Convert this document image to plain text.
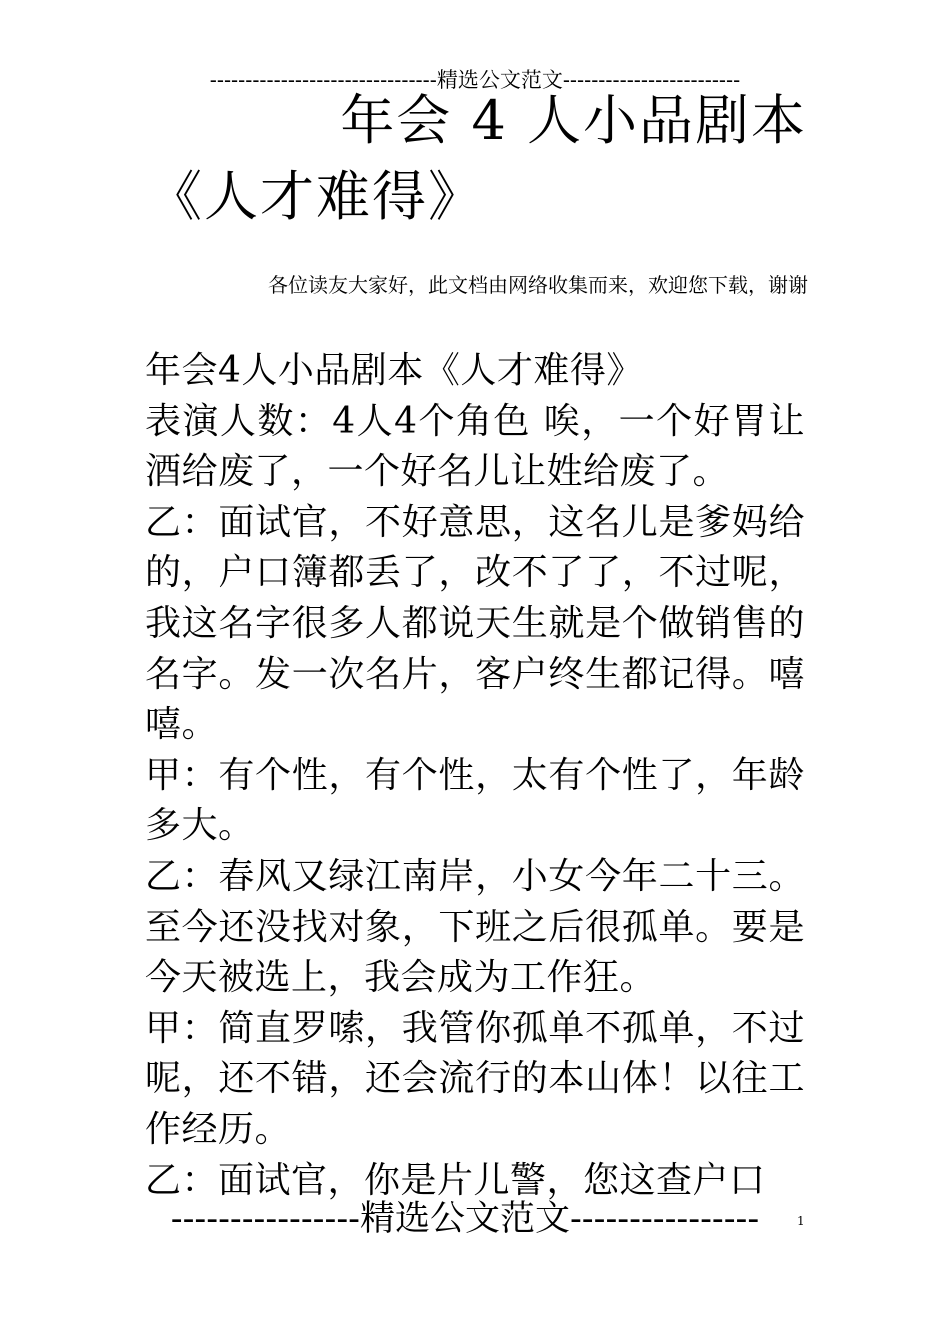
--------------------------------精选公文范文-------------------------
年会 4 人小品剧本
《人才难得》
各位读友大家好，此文档由网络收集而来，欢迎您下载，谢谢

年会4人小品剧本《人才难得》

表演人数：4人4个角色 唉，一个好胃让酒给废了，一个好名儿让姓给废了。

乙：面试官，不好意思，这名儿是爹妈给的，户口簿都丢了，改不了了，不过呢，我这名字很多人都说天生就是个做销售的名字。发一次名片，客户终生都记得。嘻嘻。

甲：有个性，有个性，太有个性了，年龄多大。

乙：春风又绿江南岸，小女今年二十三。至今还没找对象，下班之后很孤单。要是今天被选上，我会成为工作狂。

甲：简直罗嗦，我管你孤单不孤单，不过呢，还不错，还会流行的本山体！以往工作经历。

乙：面试官，你是片儿警，您这查户口

----------------精选公文范文----------------	1
